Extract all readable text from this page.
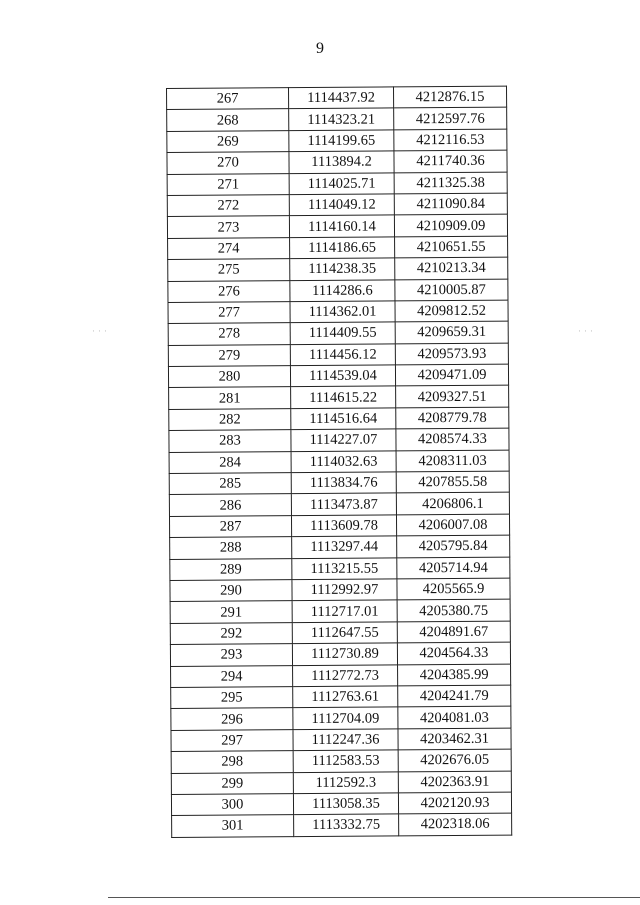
9
···	···
267	1114437.92	4212876.15
268	1114323.21	4212597.76
269	1114199.65	4212116.53
270	1113894.2	4211740.36
271	1114025.71	4211325.38
272	1114049.12	4211090.84
273	1114160.14	4210909.09
274	1114186.65	4210651.55
275	1114238.35	4210213.34
276	1114286.6	4210005.87
277	1114362.01	4209812.52
278	1114409.55	4209659.31
279	1114456.12	4209573.93
280	1114539.04	4209471.09
281	1114615.22	4209327.51
282	1114516.64	4208779.78
283	1114227.07	4208574.33
284	1114032.63	4208311.03
285	1113834.76	4207855.58
286	1113473.87	4206806.1
287	1113609.78	4206007.08
288	1113297.44	4205795.84
289	1113215.55	4205714.94
290	1112992.97	4205565.9
291	1112717.01	4205380.75
292	1112647.55	4204891.67
293	1112730.89	4204564.33
294	1112772.73	4204385.99
295	1112763.61	4204241.79
296	1112704.09	4204081.03
297	1112247.36	4203462.31
298	1112583.53	4202676.05
299	1112592.3	4202363.91
300	1113058.35	4202120.93
301	1113332.75	4202318.06
